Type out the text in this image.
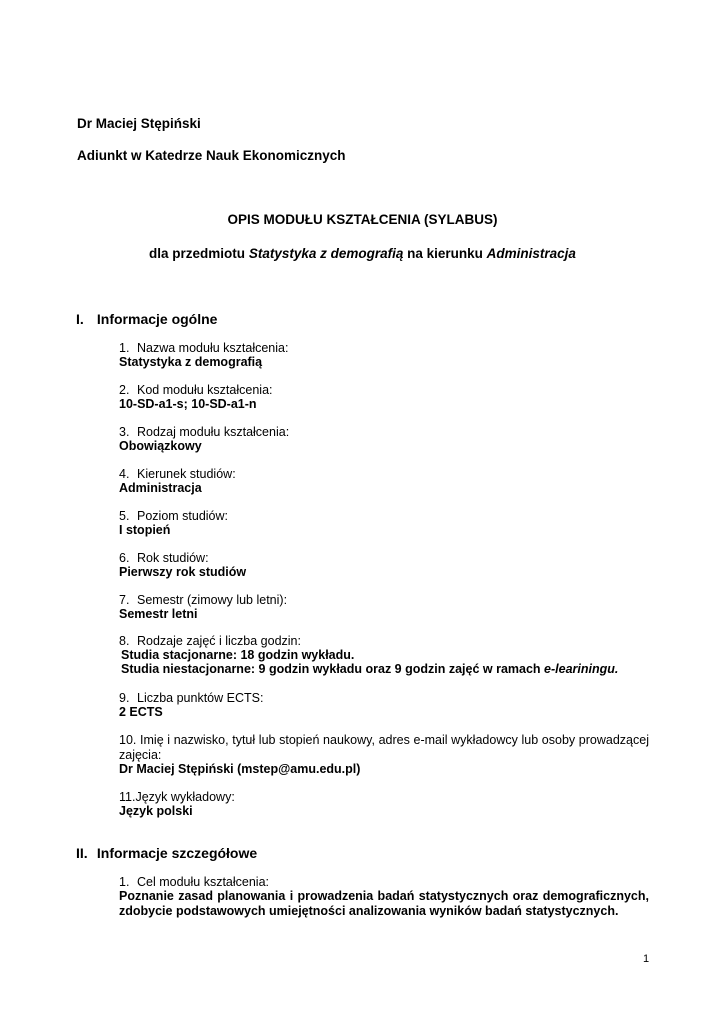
Dr Maciej Stępiński
Adiunkt w Katedrze Nauk Ekonomicznych
OPIS MODUŁU KSZTAŁCENIA (SYLABUS)
dla przedmiotu Statystyka z demografią na kierunku Administracja
I. Informacje ogólne
1. Nazwa modułu kształcenia:
Statystyka z demografią
2. Kod modułu kształcenia:
10-SD-a1-s; 10-SD-a1-n
3. Rodzaj modułu kształcenia:
Obowiązkowy
4. Kierunek studiów:
Administracja
5. Poziom studiów:
I stopień
6. Rok studiów:
Pierwszy rok studiów
7. Semestr (zimowy lub letni):
Semestr letni
8. Rodzaje zajęć i liczba godzin:
Studia stacjonarne: 18 godzin wykładu.
Studia niestacjonarne: 9 godzin wykładu oraz 9 godzin zajęć w ramach e-leariningu.
9. Liczba punktów ECTS:
2 ECTS
10. Imię i nazwisko, tytuł lub stopień naukowy, adres e-mail wykładowcy lub osoby prowadzącej zajęcia:
Dr Maciej Stępiński (mstep@amu.edu.pl)
11.Język wykładowy:
Język polski
II. Informacje szczegółowe
1. Cel modułu kształcenia:
Poznanie zasad planowania i prowadzenia badań statystycznych oraz demograficznych, zdobycie podstawowych umiejętności analizowania wyników badań statystycznych.
1
